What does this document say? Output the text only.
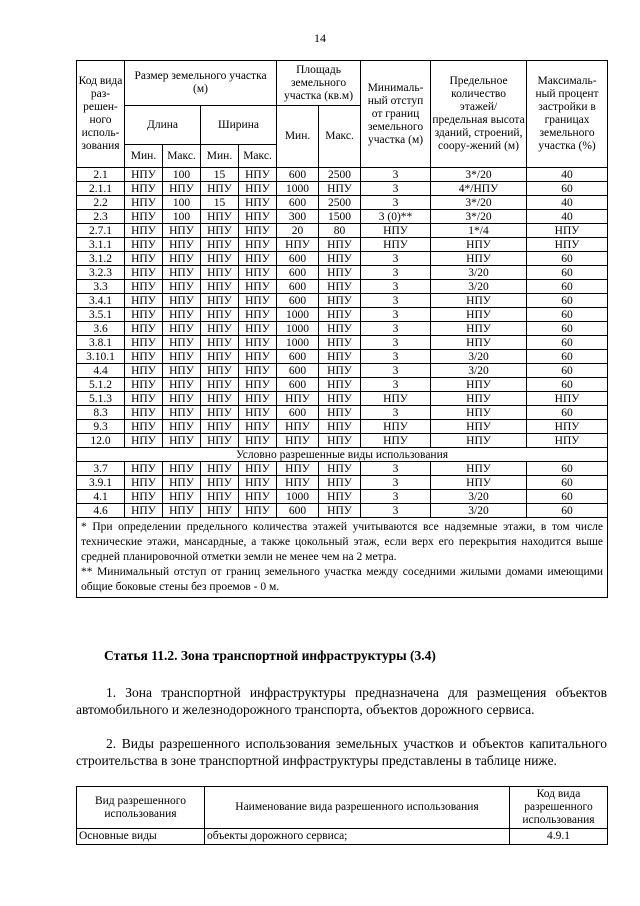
14
Код вида раз-решен-ного исполь-зования	Размер земельного участка (м)				Площадь земельного участка (кв.м)		Минималь-ный отступ от границ земельного участка (м)	Предельное количество этажей/ предельная высота зданий, строений, соору-жений (м)	Максималь-ный процент застройки в границах земельного участка (%)
	Длина		Ширина		Мин.	Макс.			
	Мин.	Макс.	Мин.	Макс.					
2.1	НПУ	100	15	НПУ	600	2500	3	3*/20	40
2.1.1	НПУ	НПУ	НПУ	НПУ	1000	НПУ	3	4*/НПУ	60
2.2	НПУ	100	15	НПУ	600	2500	3	3*/20	40
2.3	НПУ	100	НПУ	НПУ	300	1500	3 (0)**	3*/20	40
2.7.1	НПУ	НПУ	НПУ	НПУ	20	80	НПУ	1*/4	НПУ
3.1.1	НПУ	НПУ	НПУ	НПУ	НПУ	НПУ	НПУ	НПУ	НПУ
3.1.2	НПУ	НПУ	НПУ	НПУ	600	НПУ	3	НПУ	60
3.2.3	НПУ	НПУ	НПУ	НПУ	600	НПУ	3	3/20	60
3.3	НПУ	НПУ	НПУ	НПУ	600	НПУ	3	3/20	60
3.4.1	НПУ	НПУ	НПУ	НПУ	600	НПУ	3	НПУ	60
3.5.1	НПУ	НПУ	НПУ	НПУ	1000	НПУ	3	НПУ	60
3.6	НПУ	НПУ	НПУ	НПУ	1000	НПУ	3	НПУ	60
3.8.1	НПУ	НПУ	НПУ	НПУ	1000	НПУ	3	НПУ	60
3.10.1	НПУ	НПУ	НПУ	НПУ	600	НПУ	3	3/20	60
4.4	НПУ	НПУ	НПУ	НПУ	600	НПУ	3	3/20	60
5.1.2	НПУ	НПУ	НПУ	НПУ	600	НПУ	3	НПУ	60
5.1.3	НПУ	НПУ	НПУ	НПУ	НПУ	НПУ	НПУ	НПУ	НПУ
8.3	НПУ	НПУ	НПУ	НПУ	600	НПУ	3	НПУ	60
9.3	НПУ	НПУ	НПУ	НПУ	НПУ	НПУ	НПУ	НПУ	НПУ
12.0	НПУ	НПУ	НПУ	НПУ	НПУ	НПУ	НПУ	НПУ	НПУ
Условно разрешенные виды использования									
3.7	НПУ	НПУ	НПУ	НПУ	НПУ	НПУ	3	НПУ	60
3.9.1	НПУ	НПУ	НПУ	НПУ	НПУ	НПУ	3	НПУ	60
4.1	НПУ	НПУ	НПУ	НПУ	1000	НПУ	3	3/20	60
4.6	НПУ	НПУ	НПУ	НПУ	600	НПУ	3	3/20	60

* При определении предельного количества этажей учитываются все надземные этажи, в том числе технические этажи, мансардные, а также цокольный этаж, если верх его перекрытия находится выше средней планировочной отметки земли не менее чем на 2 метра.
** Минимальный отступ от границ земельного участка между соседними жилыми домами имеющими общие боковые стены без проемов - 0 м.									
Статья 11.2. Зона транспортной инфраструктуры (3.4)
1. Зона транспортной инфраструктуры предназначена для размещения объектов автомобильного и железнодорожного транспорта, объектов дорожного сервиса.
2. Виды разрешенного использования земельных участков и объектов капитального строительства в зоне транспортной инфраструктуры представлены в таблице ниже.
Вид разрешенного использования	Наименование вида разрешенного использования	Код вида разрешенного использования
Основные виды	объекты дорожного сервиса;	4.9.1
